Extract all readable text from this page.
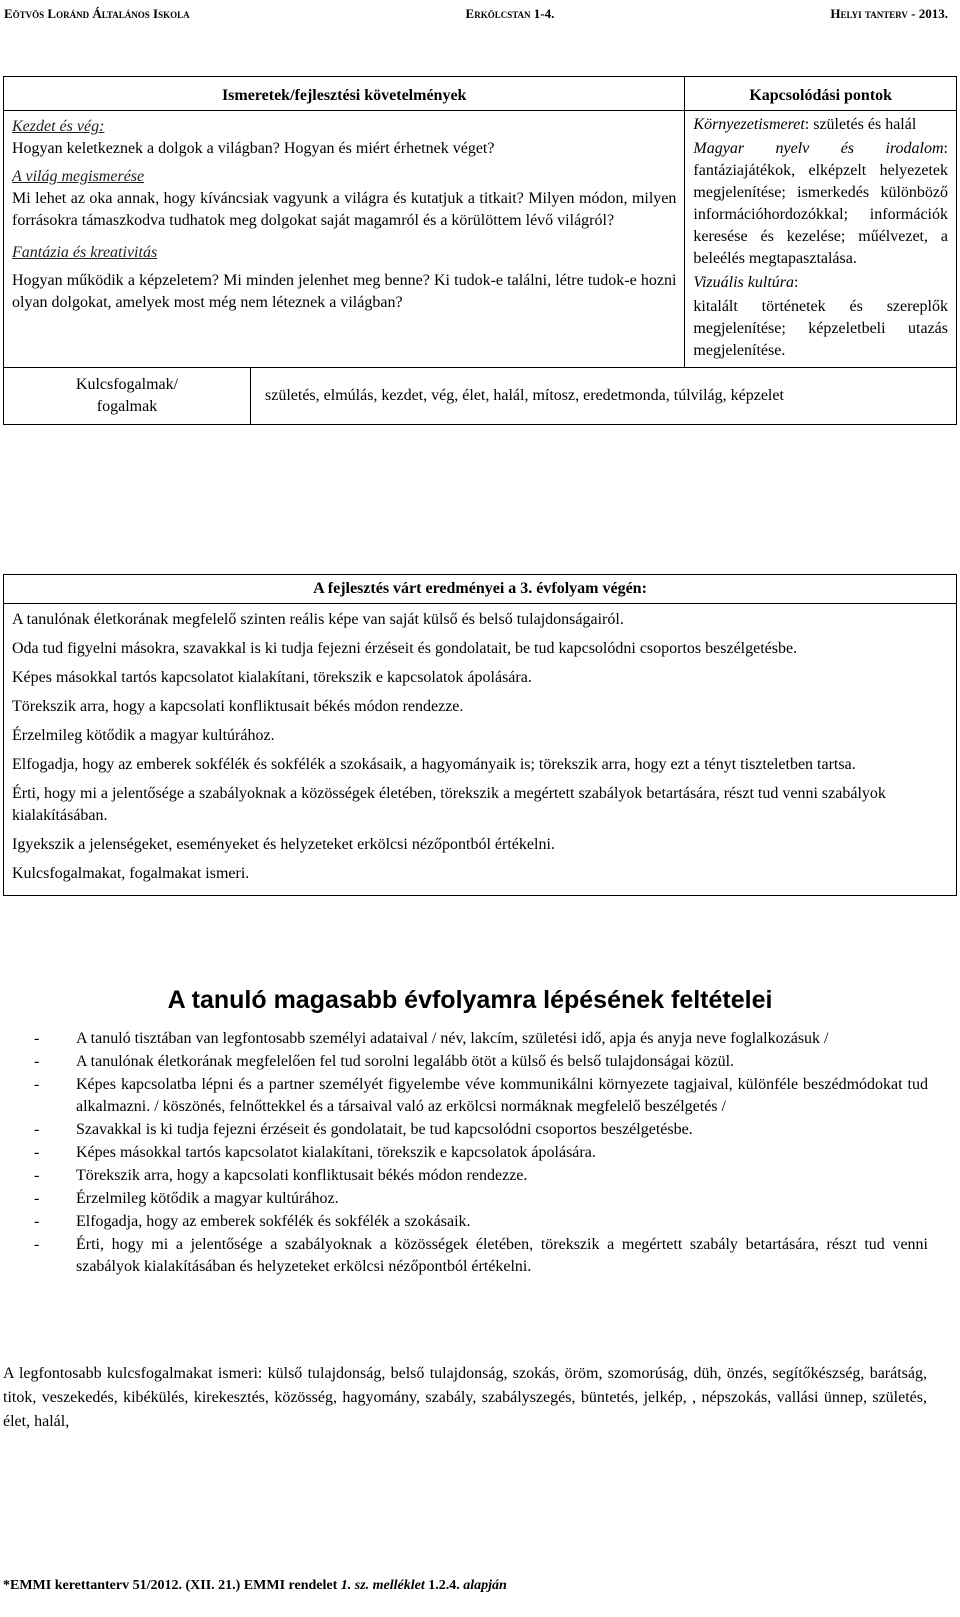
Eötvös Loránd Általános Iskola	Erkölcstan 1-4.	Helyi tanterv - 2013.
Ismeretek/fejlesztési követelmények	Kapcsolódási pontok

Kezdet és vég:
Hogyan keletkeznek a dolgok a világban? Hogyan és miért érhetnek véget?
A világ megismerése
Mi lehet az oka annak, hogy kíváncsiak vagyunk a világra és kutatjuk a titkait? Milyen módon, milyen forrásokra támaszkodva tudhatok meg dolgokat saját magamról és a körülöttem lévő világról?
Fantázia és kreativitás
Hogyan működik a képzeletem? Mi minden jelenhet meg benne? Ki tudok-e találni, létre tudok-e hozni olyan dolgokat, amelyek most még nem léteznek a világban?

Környezetismeret: születés és halál
Magyar nyelv és irodalom: fantáziajátékok, elképzelt helyezetek megjelenítése; ismerkedés különböző információhordozókkal; információk keresése és kezelése; műélvezet, a beleélés megtapasztalása.
Vizuális kultúra:
kitalált történetek és szereplők megjelenítése; képzeletbeli utazás megjelenítése.

Kulcsfogalmak/
fogalmak
	születés, elmúlás, kezdet, vég, élet, halál, mítosz, eredetmonda, túlvilág, képzelet
A fejlesztés várt eredményei a 3. évfolyam végén:

A tanulónak életkorának megfelelő szinten reális képe van saját külső és belső tulajdonságairól.
Oda tud figyelni másokra, szavakkal is ki tudja fejezni érzéseit és gondolatait, be tud kapcsolódni csoportos beszélgetésbe.
Képes másokkal tartós kapcsolatot kialakítani, törekszik e kapcsolatok ápolására.
Törekszik arra, hogy a kapcsolati konfliktusait békés módon rendezze.
Érzelmileg kötődik a magyar kultúrához.
Elfogadja, hogy az emberek sokfélék és sokfélék a szokásaik, a hagyományaik is; törekszik arra, hogy ezt a tényt tiszteletben tartsa.
Érti, hogy mi a jelentősége a szabályoknak a közösségek életében, törekszik a megértett szabályok betartására, részt tud venni szabályok kialakításában.
Igyekszik a jelenségeket, eseményeket és helyzeteket erkölcsi nézőpontból értékelni.
Kulcsfogalmakat, fogalmakat ismeri.
A tanuló magasabb évfolyamra lépésének feltételei
- A tanuló tisztában van legfontosabb személyi adataival / név, lakcím, születési idő, apja és anyja neve foglalkozásuk /
- A tanulónak életkorának megfelelően fel tud sorolni legalább ötöt a külső és belső tulajdonságai közül.
- Képes kapcsolatba lépni és a partner személyét figyelembe véve kommunikálni környezete tagjaival, különféle beszédmódokat tud alkalmazni. / köszönés, felnőttekkel és a társaival való az erkölcsi normáknak megfelelő beszélgetés /
- Szavakkal is ki tudja fejezni érzéseit és gondolatait, be tud kapcsolódni csoportos beszélgetésbe.
- Képes másokkal tartós kapcsolatot kialakítani, törekszik e kapcsolatok ápolására.
- Törekszik arra, hogy a kapcsolati konfliktusait békés módon rendezze.
- Érzelmileg kötődik a magyar kultúrához.
- Elfogadja, hogy az emberek sokfélék és sokfélék a szokásaik.
- Érti, hogy mi a jelentősége a szabályoknak a közösségek életében, törekszik a megértett szabály betartására, részt tud venni szabályok kialakításában és helyzeteket erkölcsi nézőpontból értékelni.
A legfontosabb kulcsfogalmakat ismeri: külső tulajdonság, belső tulajdonság, szokás, öröm, szomorúság, düh, önzés, segítőkészség, barátság, titok, veszekedés, kibékülés, kirekesztés, közösség, hagyomány, szabály, szabályszegés, büntetés, jelkép, , népszokás, vallási ünnep, születés, élet, halál,
*EMMI kerettanterv 51/2012. (XII. 21.) EMMI rendelet 1. sz. melléklet 1.2.4. alapján
